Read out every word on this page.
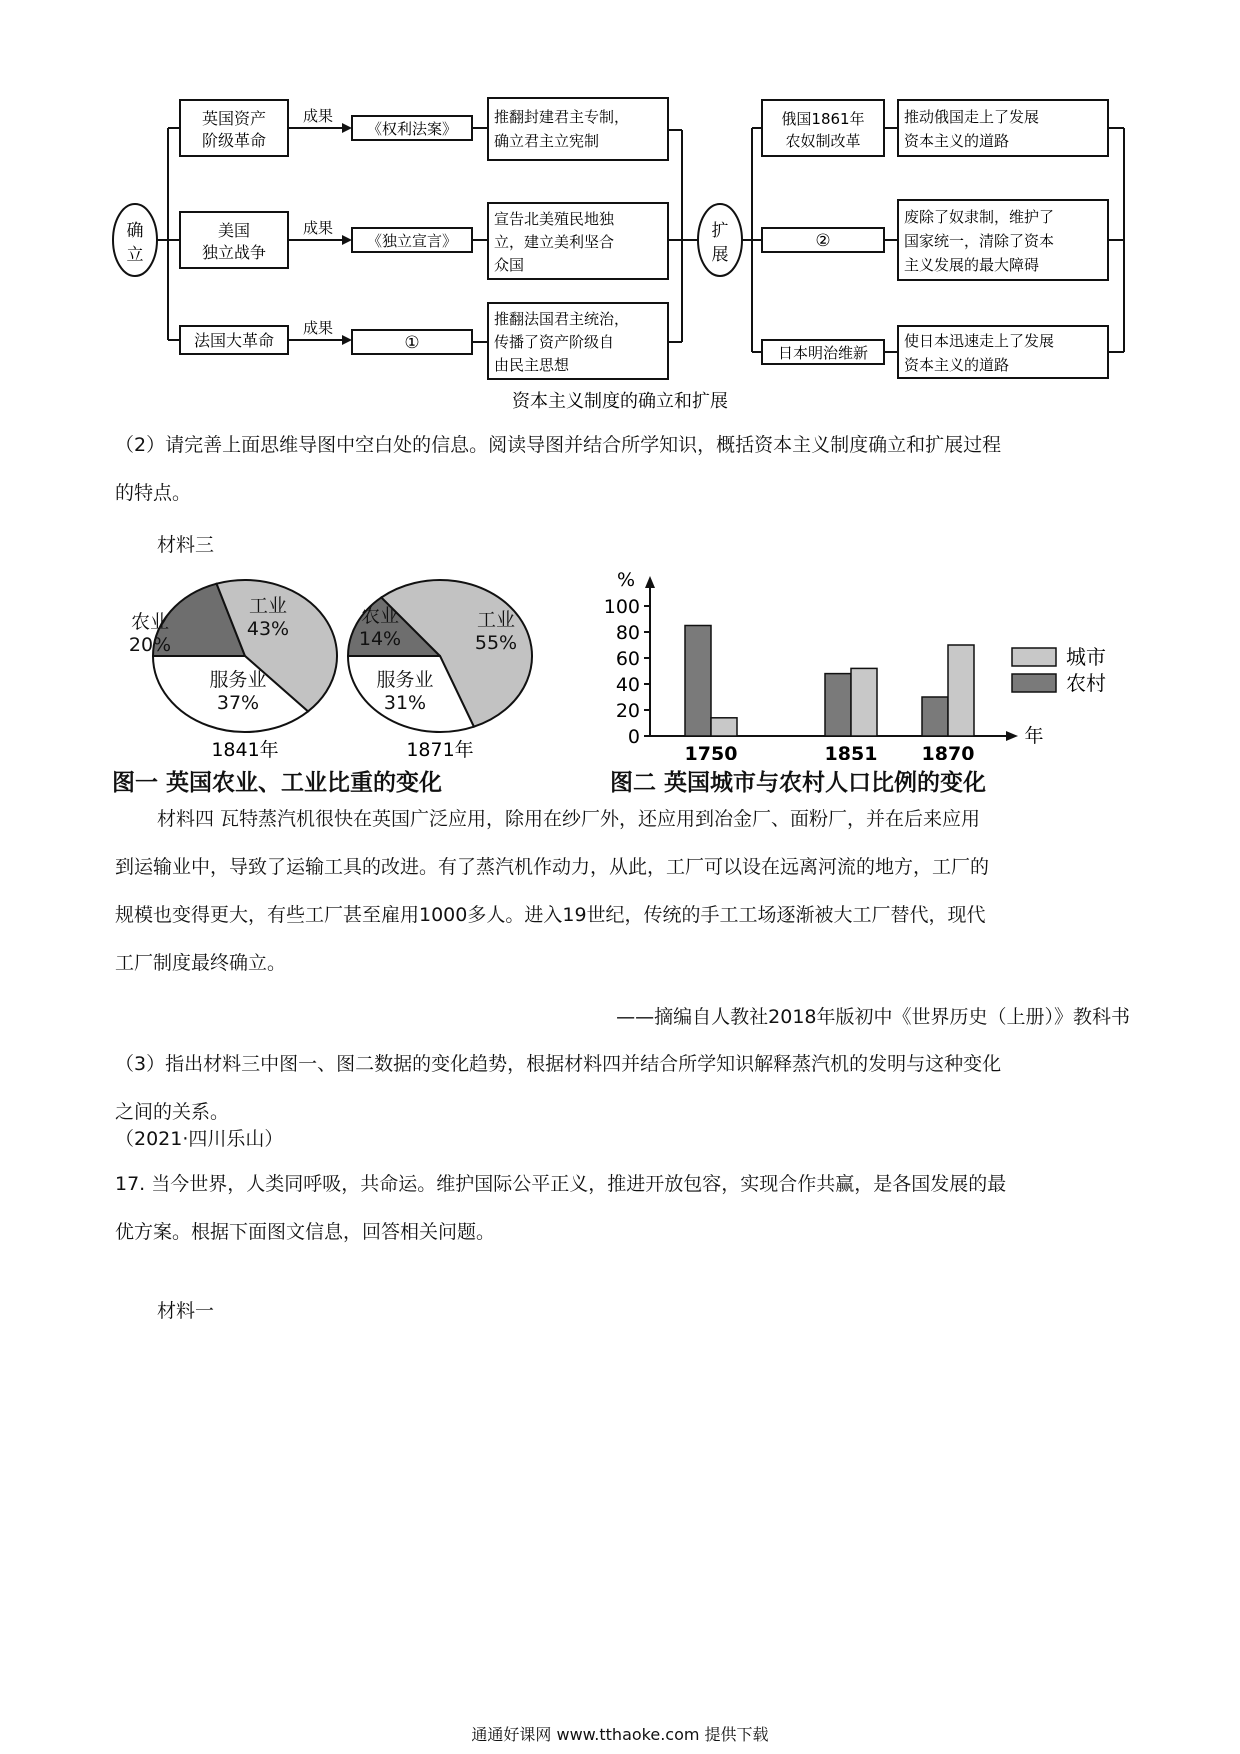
确
立
扩
展
成果
成果
成果
英国资产
阶级革命
美国
独立战争
法国大革命
《权利法案》
《独立宣言》
①
推翻封建君主专制，
确立君主立宪制
宣告北美殖民地独
立，建立美利坚合
众国
推翻法国君主统治，
传播了资产阶级自
由民主思想
俄国1861年
农奴制改革
②
日本明治维新
推动俄国走上了发展
资本主义的道路
废除了奴隶制，维护了
国家统一，清除了资本
主义发展的最大障碍
使日本迅速走上了发展
资本主义的道路
资本主义制度的确立和扩展

（2）请完善上面思维导图中空白处的信息。阅读导图并结合所学知识，概括资本主义制度确立和扩展过程

的特点。

材料三
农业
20%
工业
43%
服务业
37%
农业
14%
工业
55%
服务业
31%
1841年	1871年
%
年
0
20
40
60
80
100
1750	1851 1870
城市
农村
图一 英国农业、工业比重的变化	图二 英国城市与农村人口比例的变化

材料四 瓦特蒸汽机很快在英国广泛应用，除用在纱厂外，还应用到冶金厂、面粉厂，并在后来应用

到运输业中，导致了运输工具的改进。有了蒸汽机作动力，从此，工厂可以设在远离河流的地方，工厂的

规模也变得更大，有些工厂甚至雇用1000多人。进入19世纪，传统的手工工场逐渐被大工厂替代，现代

工厂制度最终确立。

——摘编自人教社2018年版初中《世界历史（上册）》教科书

（3）指出材料三中图一、图二数据的变化趋势，根据材料四并结合所学知识解释蒸汽机的发明与这种变化

之间的关系。

（2021·四川乐山）

17. 当今世界，人类同呼吸，共命运。维护国际公平正义，推进开放包容，实现合作共赢，是各国发展的最

优方案。根据下面图文信息，回答相关问题。

材料一
通通好课网 www.tthaoke.com 提供下载
